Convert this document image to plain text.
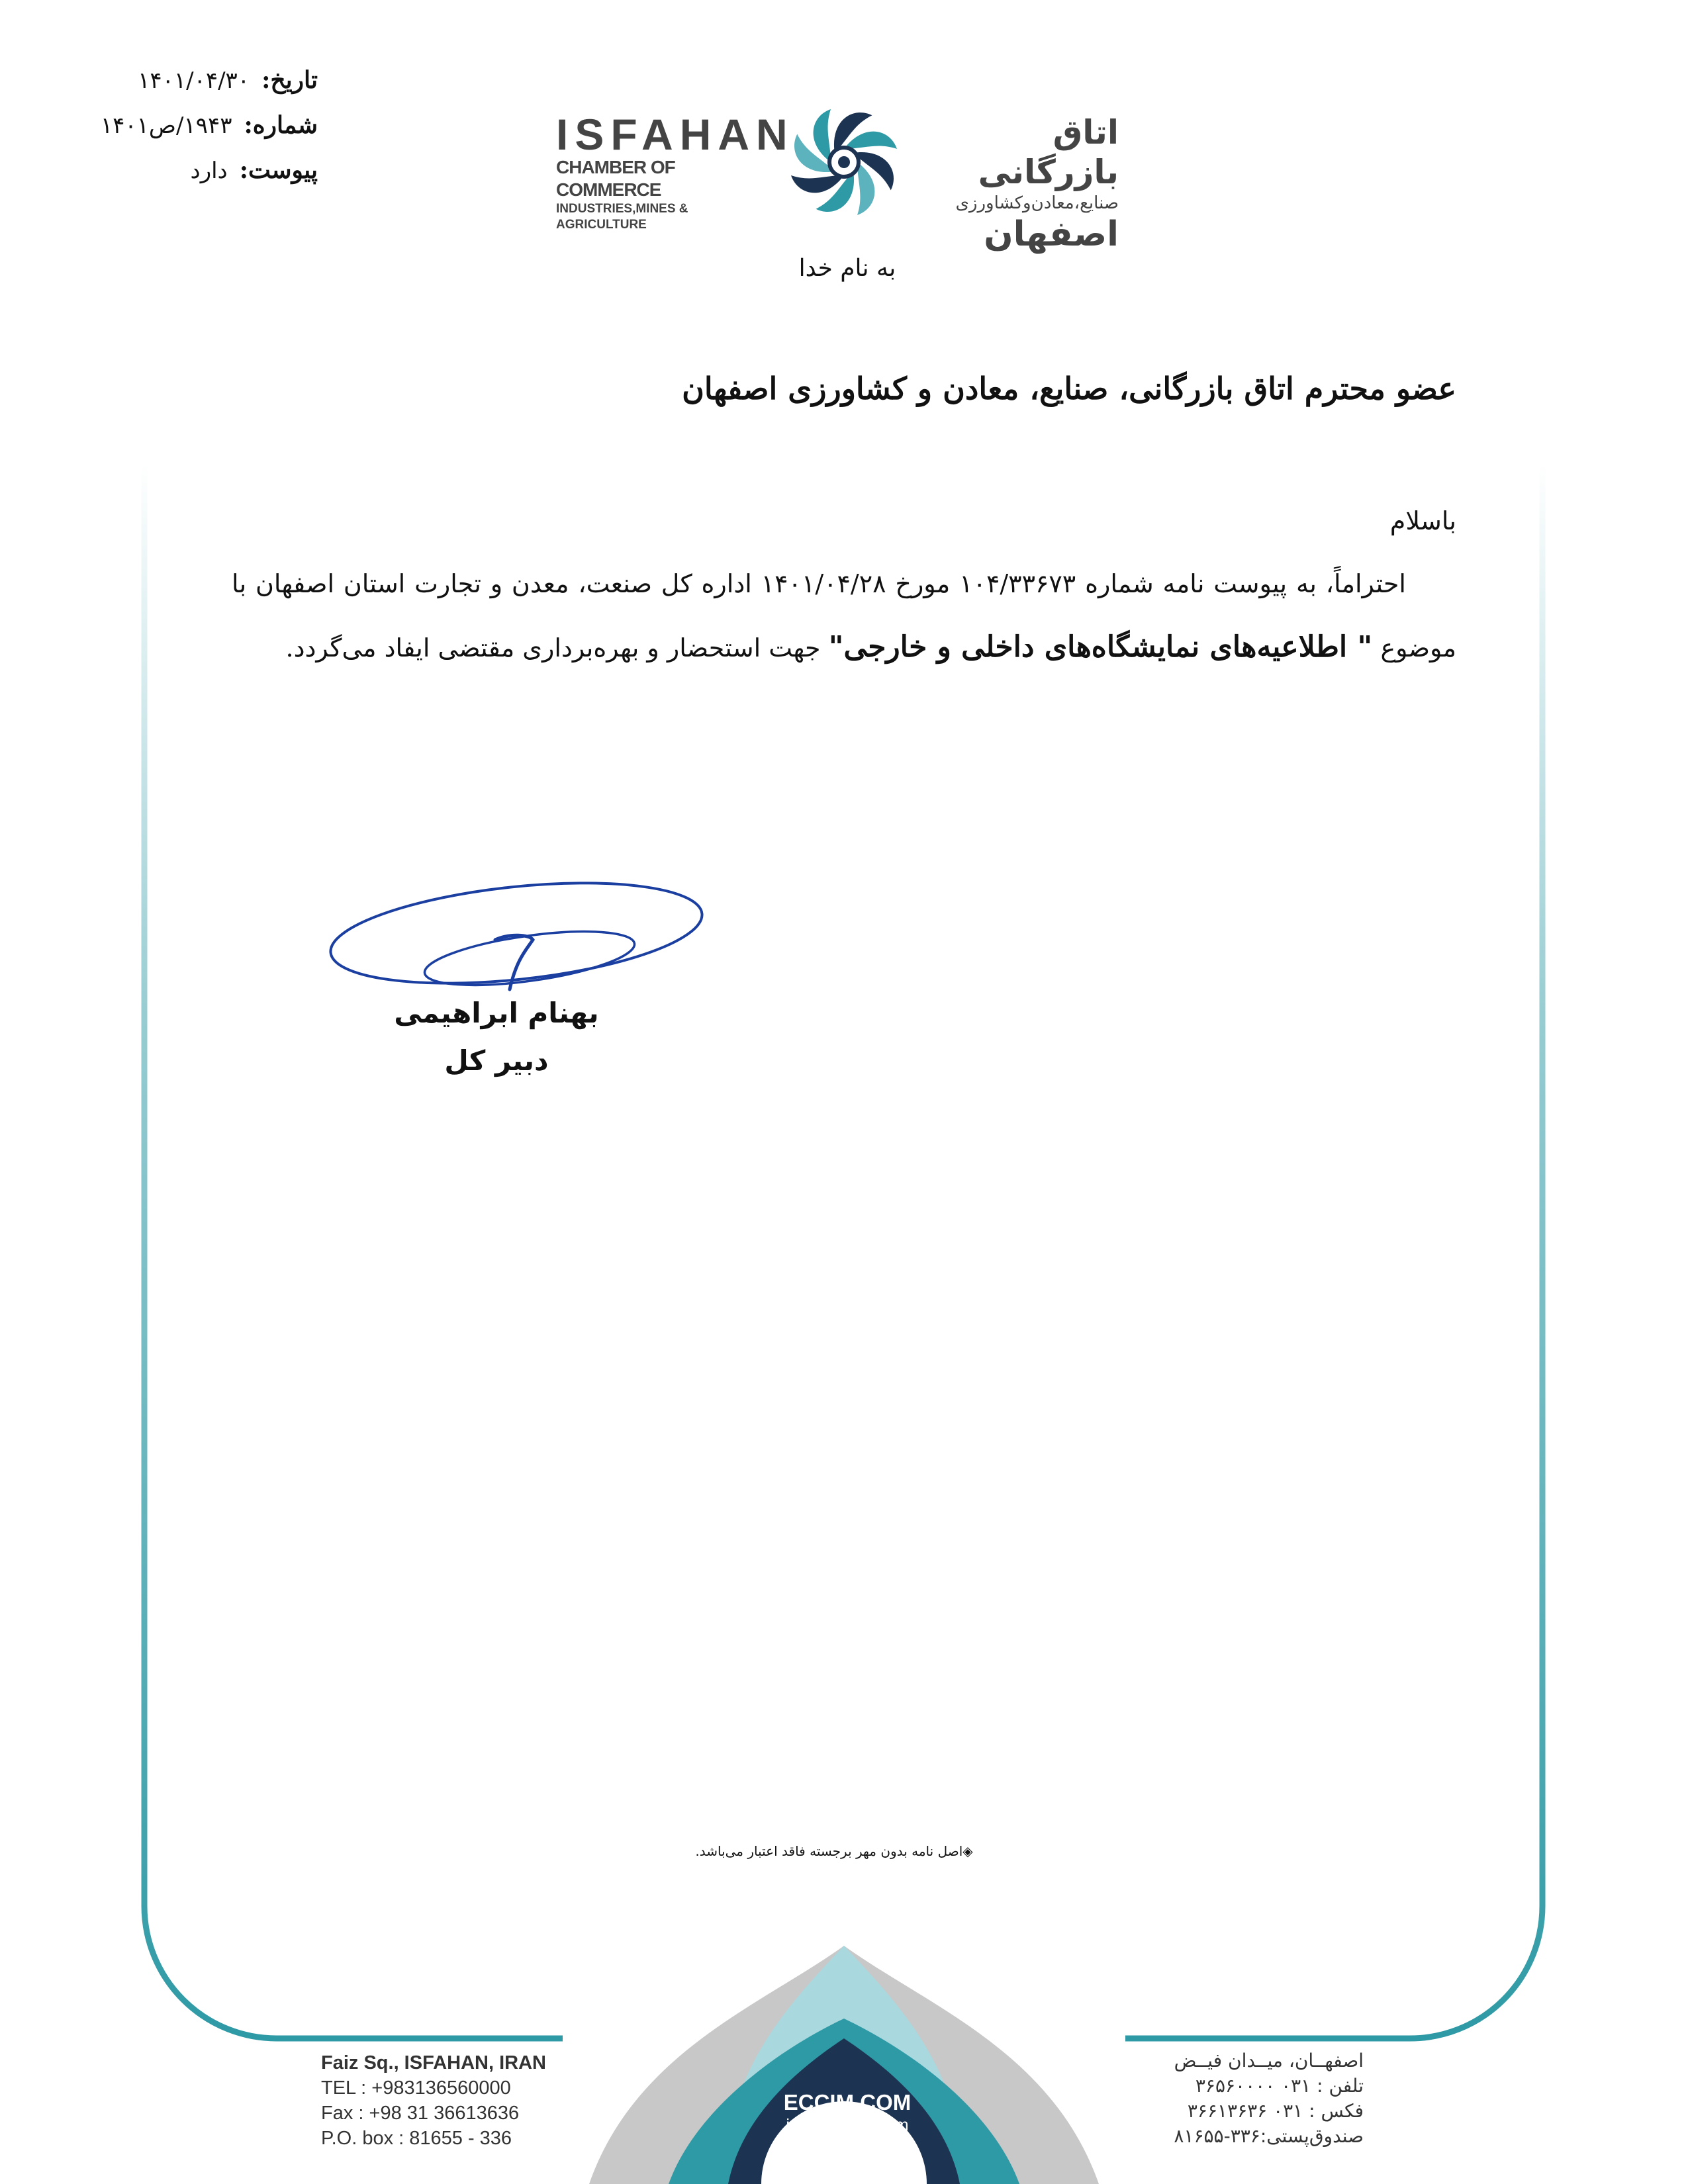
تاریخ:
۱۴۰۱/۰۴/۳۰
شماره:
۱۹۴۳/ص۱۴۰۱
پیوست:
دارد
ISFAHAN
CHAMBER OF COMMERCE
INDUSTRIES,MINES & AGRICULTURE
اتاق بازرگانی
صنایع،معادن‌وکشاورزی
اصفهان
به نام خدا
عضو محترم اتاق بازرگانی، صنایع، معادن و کشاورزی اصفهان
باسلام
  احتراماً، به پیوست نامه شماره ۱۰۴/۳۳۶۷۳ مورخ ۱۴۰۱/۰۴/۲۸ اداره کل صنعت، معدن و تجارت استان اصفهان با موضوع " اطلاعیه‌های نمایشگاه‌های داخلی و خارجی" جهت استحضار و بهره‌برداری مقتضی ایفاد می‌گردد.
بهنام ابراهیمی
دبیر کل
◈اصل نامه بدون مهر برجسته فاقد اعتبار می‌باشد.
Faiz Sq., ISFAHAN, IRAN
TEL : +983136560000
Fax : +98 31 36613636
P.O. box : 81655 - 336
ECCIM.COM
info@eccim.com
اصفهــان، میــدان فیــض
تلفن : ۰۳۱ ۳۶۵۶۰۰۰۰
فکس : ۰۳۱ ۳۶۶۱۳۶۳۶
صندوق‌پستی:۳۳۶-۸۱۶۵۵
